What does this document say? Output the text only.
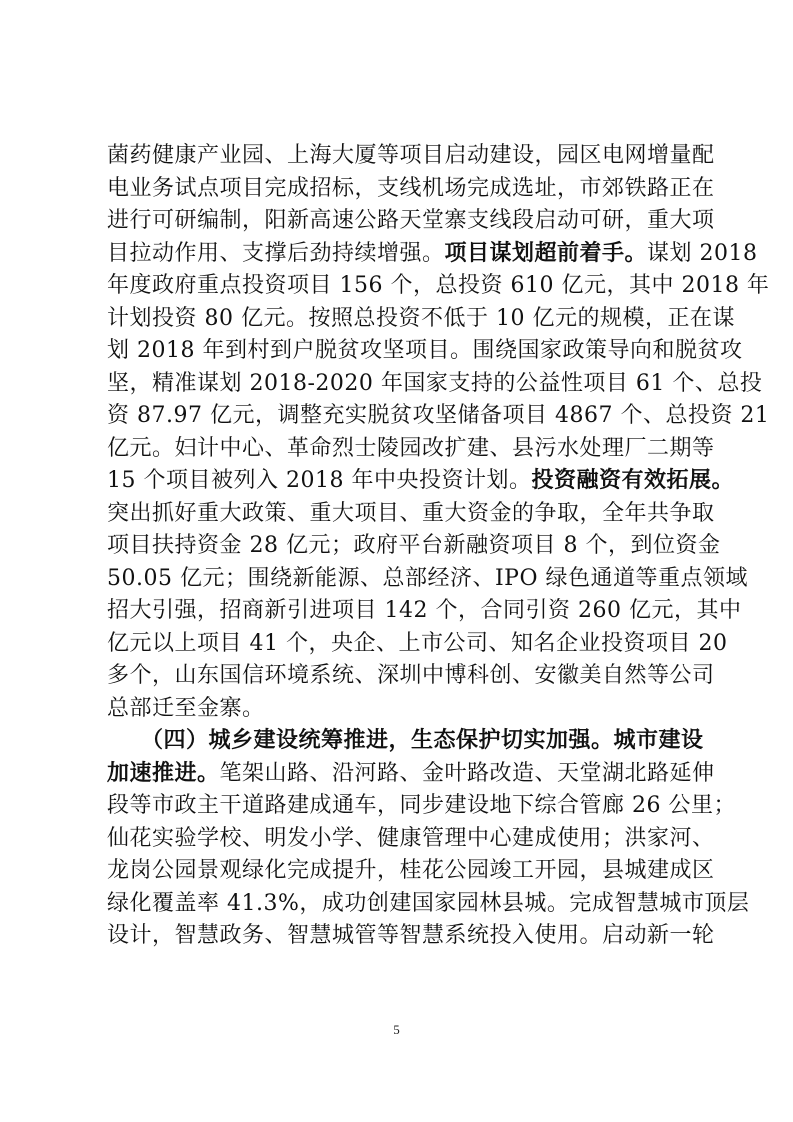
菌药健康产业园、上海大厦等项目启动建设，园区电网增量配
电业务试点项目完成招标，支线机场完成选址，市郊铁路正在
进行可研编制，阳新高速公路天堂寨支线段启动可研，重大项
目拉动作用、支撑后劲持续增强。项目谋划超前着手。谋划 2018
年度政府重点投资项目 156 个，总投资 610 亿元，其中 2018 年
计划投资 80 亿元。按照总投资不低于 10 亿元的规模，正在谋
划 2018 年到村到户脱贫攻坚项目。围绕国家政策导向和脱贫攻
坚，精准谋划 2018-2020 年国家支持的公益性项目 61 个、总投
资 87.97 亿元，调整充实脱贫攻坚储备项目 4867 个、总投资 21
亿元。妇计中心、革命烈士陵园改扩建、县污水处理厂二期等
15 个项目被列入 2018 年中央投资计划。投资融资有效拓展。
突出抓好重大政策、重大项目、重大资金的争取，全年共争取
项目扶持资金 28 亿元；政府平台新融资项目 8 个，到位资金
50.05 亿元；围绕新能源、总部经济、IPO 绿色通道等重点领域
招大引强，招商新引进项目 142 个，合同引资 260 亿元，其中
亿元以上项目 41 个，央企、上市公司、知名企业投资项目 20
多个，山东国信环境系统、深圳中博科创、安徽美自然等公司
总部迁至金寨。
　　（四）城乡建设统筹推进，生态保护切实加强。城市建设
加速推进。笔架山路、沿河路、金叶路改造、天堂湖北路延伸
段等市政主干道路建成通车，同步建设地下综合管廊 26 公里；
仙花实验学校、明发小学、健康管理中心建成使用；洪家河、
龙岗公园景观绿化完成提升，桂花公园竣工开园，县城建成区
绿化覆盖率 41.3%，成功创建国家园林县城。完成智慧城市顶层
设计，智慧政务、智慧城管等智慧系统投入使用。启动新一轮
5
